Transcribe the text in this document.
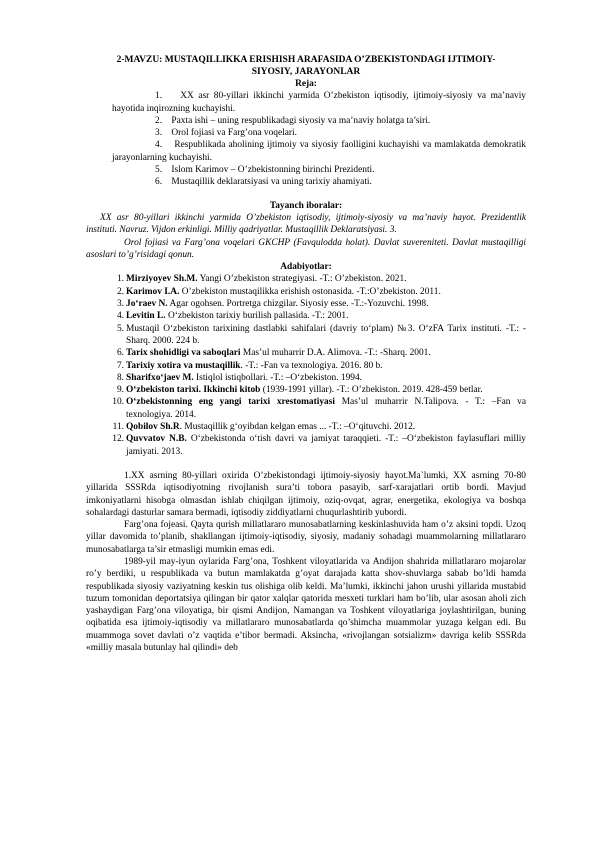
2-MAVZU: MUSTAQILLIKKA ERISHISH ARAFASIDA O’ZBEKISTONDAGI IJTIMOIY-
SIYOSIY, JARAYONLAR

Reja:

1. XX asr 80-yillari ikkinchi yarmida O’zbekiston iqtisodiy, ijtimoiy-siyosiy va ma’naviy hayotida inqirozning kuchayishi.
2. Paxta ishi – uning respublikadagi siyosiy va ma’naviy holatga ta’siri.
3. Orol fojiasi va Farg’ona voqelari.
4. Respublikada aholining ijtimoiy va siyosiy faolligini kuchayishi va mamlakatda demokratik jarayonlarning kuchayishi.
5. Islom Karimov – O’zbekistonning birinchi Prezidenti.
6. Mustaqillik deklaratsiyasi va uning tarixiy ahamiyati.

Tayanch iboralar:

XX asr 80-yillari ikkinchi yarmida O’zbekiston iqtisodiy, ijtimoiy-siyosiy va ma’naviy hayot. Prezidentlik instituti. Navruz. Vijdon erkinligi. Milliy qadriyatlar. Mustaqillik Deklaratsiyasi. 3.

Orol fojiasi va Farg’ona voqelari GKCHP (Favqulodda holat). Davlat suvereniteti. Davlat mustaqilligi asoslari to’g’risidagi qonun.

Adabiyotlar:

1. Mirziyoyev Sh.M. Yangi O’zbekiston strategiyasi. -T.: O’zbekiston. 2021.
2. Karimov I.A. O’zbekiston mustaqilikka erishish ostonasida. -T.:O’zbekiston. 2011.
3. Jo‘raev N. Agar ogohsen. Portretga chizgilar. Siyosiy esse. -T.:-Yozuvchi. 1998.
4. Levitin L. O‘zbekiston tarixiy burilish pallasida. -T.: 2001.
5. Mustaqil O‘zbekiston tarixining dastlabki sahifalari (davriy to‘plam) №3. O‘zFA Tarix instituti. -T.: -Sharq. 2000. 224 b.
6. Tarix shohidligi va saboqlari Mas’ul muharrir D.A. Alimova. -T.: -Sharq. 2001.
7. Tarixiy xotira va mustaqillik. -T.: -Fan va texnologiya. 2016. 80 b.
8. Sharifxo‘jaev M. Istiqlol istiqbollari. -T.: ‒O‘zbekiston. 1994.
9. O‘zbekiston tarixi. Ikkinchi kitob (1939-1991 yillar). -T.: O’zbekiston. 2019. 428-459 betlar.
10. O‘zbekistonning eng yangi tarixi xrestomatiyasi Mas’ul muharrir N.Talipova. - T.: ‒Fan va texnologiya. 2014.
11. Qobilov Sh.R. Mustaqillik g‘oyibdan kelgan emas ... -T.: ‒O‘qituvchi. 2012.
12. Quvvatov N.B. O‘zbekistonda o‘tish davri va jamiyat taraqqiеti. -T.: ‒O‘zbekiston faylasuflari milliy jamiyati. 2013.

1.XX asrning 80-yillari oxirida O’zbekistondagi ijtimoiy-siyosiy hayot.Ma`lumki, XX asrning 70-80 yillarida SSSRda iqtisodiyotning rivojlanish sura’ti tobora pasayib, sarf-xarajatlari ortib bordi. Mavjud imkoniyatlarni hisobga olmasdan ishlab chiqilgan ijtimoiy, oziq-ovqat, agrar, energetika, ekologiya va boshqa sohalardagi dasturlar samara bermadi, iqtisodiy ziddiyatlarni chuqurlashtirib yubordi.

Farg’ona fojeasi. Qayta qurish millatlararo munosabatlarning keskinlashuvida ham o’z aksini topdi. Uzoq yillar davomida to’planib, shakllangan ijtimoiy-iqtisodiy, siyosiy, madaniy sohadagi muammolarning millatlararo munosabatlarga ta’sir etmasligi mumkin emas edi.

1989-yil may-iyun oylarida Farg’ona, Toshkent viloyatlarida va Andijon shahrida millatlararo mojarolar ro’y berdiki, u respublikada va butun mamlakatda g’oyat darajada katta shov-shuvlarga sabab bo’ldi hamda respublikada siyosiy vaziyatning keskin tus olishiga olib keldi. Ma’lumki, ikkinchi jahon urushi yillarida mustabid tuzum tomonidan deportatsiya qilingan bir qator xalqlar qatorida mesxeti turklari ham bo’lib, ular asosan aholi zich yashaydigan Farg’ona viloyatiga, bir qismi Andijon, Namangan va Toshkent viloyatlariga joylashtirilgan, buning oqibatida esa ijtimoiy-iqtisodiy va millatlararo munosabatlarda qo’shimcha muammolar yuzaga kelgan edi. Bu muammoga sovet davlati o’z vaqtida e’tibor bermadi. Aksincha, «rivojlangan sotsializm» davriga kelib SSSRda «milliy masala butunlay hal qilindi» deb
